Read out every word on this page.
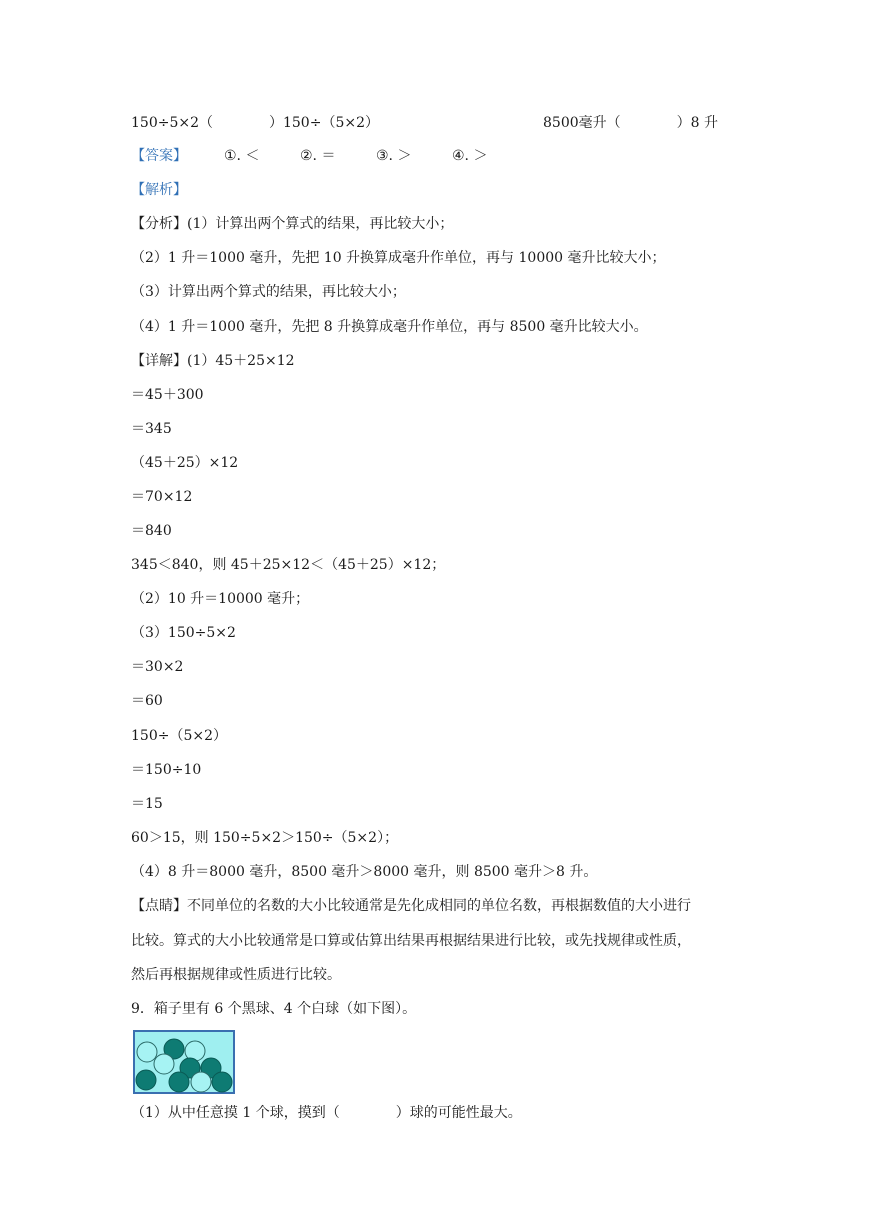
150÷5×2（　　　　）150÷（5×2）	8500毫升（　　　　）8 升
【答案】	①. ＜	②. ＝	③. ＞	④. ＞
【解析】
【分析】(1）计算出两个算式的结果，再比较大小；
（2）1 升＝1000 毫升，先把 10 升换算成毫升作单位，再与 10000 毫升比较大小；
（3）计算出两个算式的结果，再比较大小；
（4）1 升＝1000 毫升，先把 8 升换算成毫升作单位，再与 8500 毫升比较大小。
【详解】(1）45＋25×12
＝45＋300
＝345
（45＋25）×12
＝70×12
＝840
345＜840，则 45＋25×12＜（45＋25）×12；
（2）10 升＝10000 毫升；
（3）150÷5×2
＝30×2
＝60
150÷（5×2）
＝150÷10
＝15
60＞15，则 150÷5×2＞150÷（5×2）；
（4）8 升＝8000 毫升，8500 毫升＞8000 毫升，则 8500 毫升＞8 升。
【点睛】不同单位的名数的大小比较通常是先化成相同的单位名数，再根据数值的大小进行
比较。算式的大小比较通常是口算或估算出结果再根据结果进行比较，或先找规律或性质，
然后再根据规律或性质进行比较。
9．箱子里有 6 个黑球、4 个白球（如下图）。
（1）从中任意摸 1 个球，摸到（　　　　）球的可能性最大。
